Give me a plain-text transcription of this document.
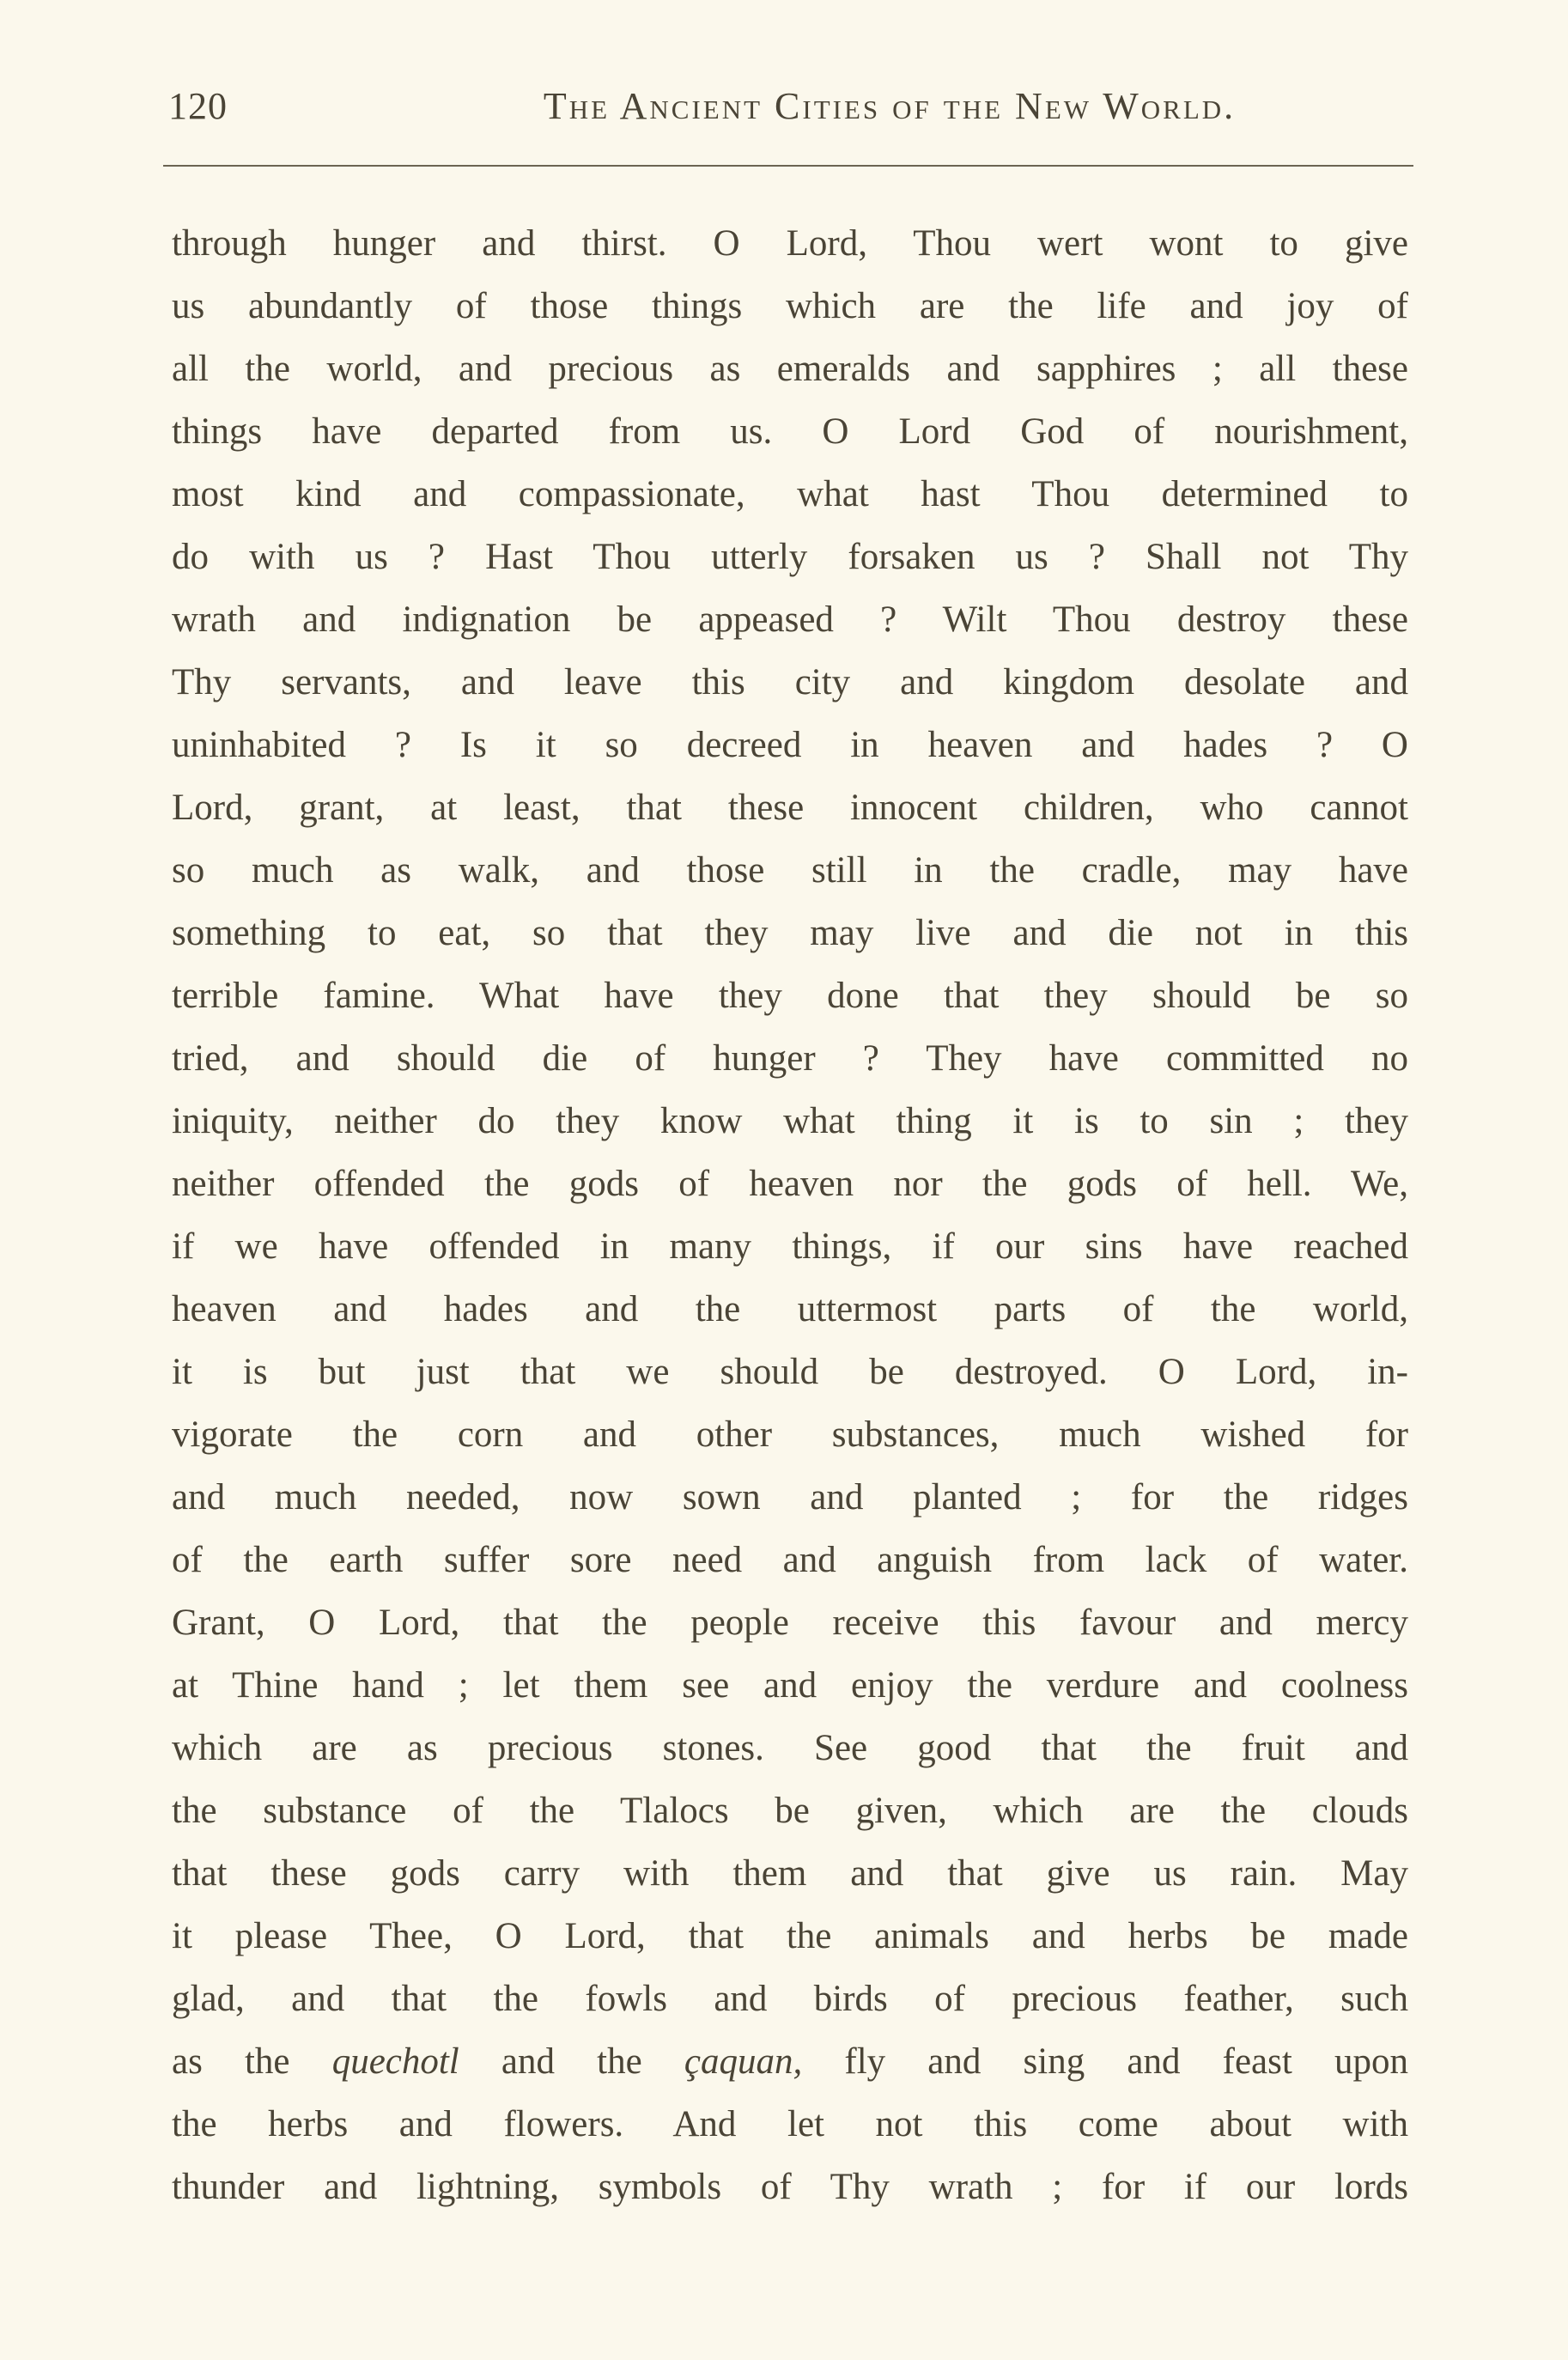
120	The Ancient Cities of the New World.
through hunger and thirst. O Lord, Thou wert wont to give
us abundantly of those things which are the life and joy of
all the world, and precious as emeralds and sapphires ; all these
things have departed from us. O Lord God of nourishment,
most kind and compassionate, what hast Thou determined to
do with us ? Hast Thou utterly forsaken us ? Shall not Thy
wrath and indignation be appeased ? Wilt Thou destroy these
Thy servants, and leave this city and kingdom desolate and
uninhabited ? Is it so decreed in heaven and hades ? O
Lord, grant, at least, that these innocent children, who cannot
so much as walk, and those still in the cradle, may have
something to eat, so that they may live and die not in this
terrible famine. What have they done that they should be so
tried, and should die of hunger ? They have committed no
iniquity, neither do they know what thing it is to sin ; they
neither offended the gods of heaven nor the gods of hell. We,
if we have offended in many things, if our sins have reached
heaven and hades and the uttermost parts of the world,
it is but just that we should be destroyed. O Lord, in-
vigorate the corn and other substances, much wished for
and much needed, now sown and planted ; for the ridges
of the earth suffer sore need and anguish from lack of water.
Grant, O Lord, that the people receive this favour and mercy
at Thine hand ; let them see and enjoy the verdure and coolness
which are as precious stones. See good that the fruit and
the substance of the Tlalocs be given, which are the clouds
that these gods carry with them and that give us rain. May
it please Thee, O Lord, that the animals and herbs be made
glad, and that the fowls and birds of precious feather, such
as the quechotl and the çaquan, fly and sing and feast upon
the herbs and flowers. And let not this come about with
thunder and lightning, symbols of Thy wrath ; for if our lords
